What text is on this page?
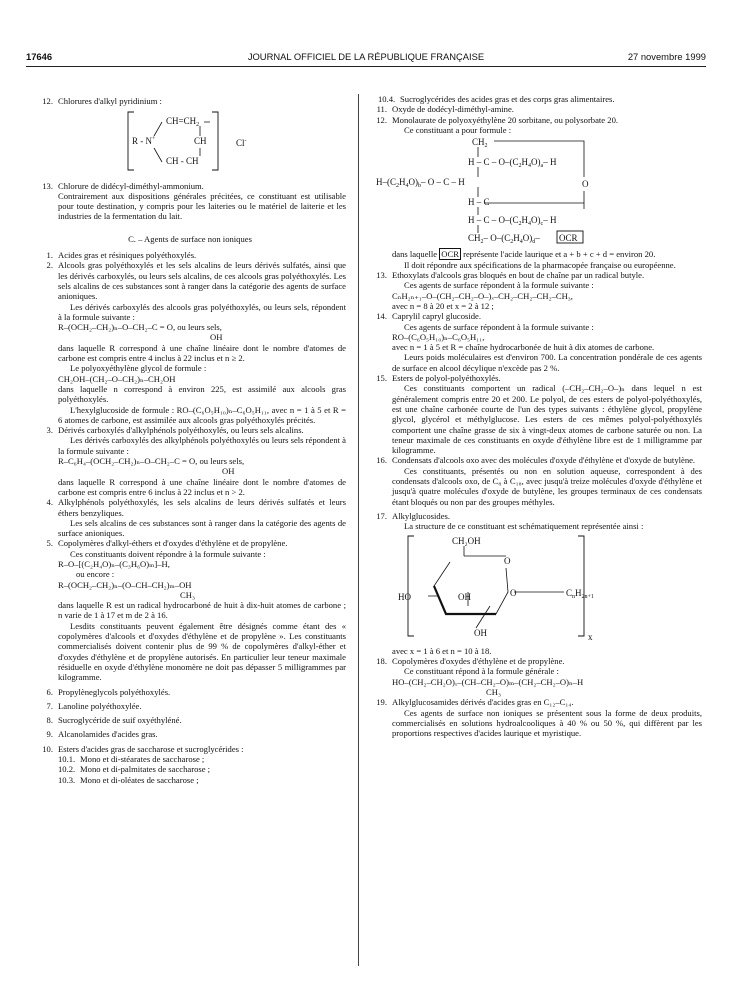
17646	JOURNAL OFFICIEL DE LA RÉPUBLIQUE FRANÇAISE	27 novembre 1999
12. Chlorures d'alkyl pyridinium :
$CH=CH_2$
R - N+	CH
CH - CH
Cl-
13. Chlorure de didécyl-diméthyl-ammonium.

Contrairement aux dispositions générales précitées, ce constituant est utilisable pour toute destination, y compris pour les laiteries ou le matériel de laiterie et les industries de la fermentation du lait.

C. – Agents de surface non ioniques

1. Acides gras et résiniques polyéthoxylés.
2. Alcools gras polyéthoxylés et les sels alcalins de leurs dérivés sulfatés, ainsi que les dérivés carboxylés, ou leurs sels alcalins, de ces alcools gras polyéthoxylés. Les sels alcalins de ces substances sont à ranger dans la catégorie des agents de surface anioniques.

Les dérivés carboxylés des alcools gras polyéthoxylés, ou leurs sels, répondent à la formule suivante :

R–(OCH₂–CH₂)ₙ–O–CH₂–C = O, ou leurs sels,

OH

dans laquelle R correspond à une chaîne linéaire dont le nombre d'atomes de carbone est compris entre 4 inclus à 22 inclus et n ≥ 2.

Le polyoxyéthylène glycol de formule :

CH₂OH–(CH₂–O–CH₂)ₙ–CH₂OH

dans laquelle n correspond à environ 225, est assimilé aux alcools gras polyéthoxylés.

L'hexylglucoside de formule : RO–(C₆O₅H₁₀)ₙ–C₆O₅H₁₁, avec n = 1 à 5 et R = 6 atomes de carbone, est assimilée aux alcools gras polyéthoxylés précités.

3. Dérivés carboxylés d'alkylphénols polyéthoxylés, ou leurs sels alcalins.

Les dérivés carboxylés des alkylphénols polyéthoxylés ou leurs sels répondent à la formule suivante :

R–C₆H₄–(OCH₂–CH₂)ₙ–O–CH₂–C = O, ou leurs sels,

OH

dans laquelle R correspond à une chaîne linéaire dont le nombre d'atomes de carbone est compris entre 6 inclus à 22 inclus et n > 2.

4. Alkylphénols polyéthoxylés, les sels alcalins de leurs dérivés sulfatés et leurs éthers benzyliques.

Les sels alcalins de ces substances sont à ranger dans la catégorie des agents de surface anioniques.

5. Copolymères d'alkyl-éthers et d'oxydes d'éthylène et de propylène.

Ces constituants doivent répondre à la formule suivante :

R–O–[(C₂H₄O)ₙ–(C₃H₆O)ₘ]–H,

ou encore :

R–(OCH₂–CH₂)ₙ–(O–CH–CH₂)ₘ–OH

CH₃

dans laquelle R est un radical hydrocarboné de huit à dix-huit atomes de carbone ; n varie de 1 à 17 et m de 2 à 16.

Lesdits constituants peuvent également être désignés comme étant des « copolymères d'alcools et d'oxydes d'éthylène et de propylène ». Les constituants commercialisés doivent contenir plus de 99 % de copolymères d'alkyl-éther et d'oxydes d'éthylène et de propylène autorisés. En particulier leur teneur maximale résiduelle en oxyde d'éthylène monomère ne doit pas dépasser 5 milligrammes par kilogramme.

6. Propylèneglycols polyéthoxylés.
7. Lanoline polyéthoxylée.
8. Sucroglycéride de suif oxyéthyléné.
9. Alcanolamides d'acides gras.
10. Esters d'acides gras de saccharose et sucroglycérides :
10.1. Mono et di-stéarates de saccharose ;
10.2. Mono et di-palmitates de saccharose ;
10.3. Mono et di-oléates de saccharose ;
10.4. Sucroglycérides des acides gras et des corps gras alimentaires.
11. Oxyde de dodécyl-diméthyl-amine.
12. Monolaurate de polyoxyéthylène 20 sorbitane, ou polysorbate 20.

Ce constituant a pour formule :

$CH_2$
H – C – $O-(C_2H_4O)_a-$ H
$H-(C_2H_4O)_b-$ O – C – H	O
H – C
H – C – $O-(C_2H_4O)_c-$ H
$CH_2-$ $O-(C_2H_4O)_d-$ OCR

dans laquelle OCR représente l'acide laurique et a + b + c + d = environ 20.

Il doit répondre aux spécifications de la pharmacopée française ou européenne.

13. Ethoxylats d'alcools gras bloqués en bout de chaîne par un radical butyle.

Ces agents de surface répondent à la formule suivante :

CₙH₂ₙ₊₁–O–(CH₂–CH₂–O–)ₓ–CH₂–CH₂–CH₂–CH₃,

avec n = 8 à 20 et x = 2 à 12 ;

14. Caprylil capryl glucoside.

Ces agents de surface répondent à la formule suivante :

RO–(C₆O₅H₁₀)ₙ–C₆O₅H₁₁,

avec n = 1 à 5 et R = chaîne hydrocarbonée de huit à dix atomes de carbone.

Leurs poids moléculaires est d'environ 700. La concentration pondérale de ces agents de surface en alcool décylique n'excède pas 2 %.

15. Esters de polyol-polyéthoxylés.

Ces constituants comportent un radical (–CH₂–CH₂–O–)ₙ dans lequel n est généralement compris entre 20 et 200. Le polyol, de ces esters de polyol-polyéthoxylés, est une chaîne carbonée courte de l'un des types suivants : éthylène glycol, propylène glycol, glycérol et méthylglucose. Les esters de ces mêmes polyol-polyéthoxylés comportent une chaîne grasse de six à vingt-deux atomes de carbone saturée ou non. La teneur maximale de ces constituants en oxyde d'éthylène libre est de 1 milligramme par kilogramme.

16. Condensats d'alcools oxo avec des molécules d'oxyde d'éthylène et d'oxyde de butylène.

Ces constituants, présentés ou non en solution aqueuse, correspondent à des condensats d'alcools oxo, de C₈ à C₁₈, avec jusqu'à treize molécules d'oxyde d'éthylène et jusqu'à quatre molécules d'oxyde de butylène, les groupes terminaux de ces condensats étant bloqués ou non par des groupes méthyles.

17. Alkylglucosides.

La structure de ce constituant est schématiquement représentée ainsi :

CH₂OH
O
HO	OH	O	$C_nH_{2n+1}$
OH	x

avec x = 1 à 6 et n = 10 à 18.

18. Copolymères d'oxydes d'éthylène et de propylène.

Ce constituant répond à la formule générale :

HO–(CH₂–CH₂O)ₓ–(CH–CH₂–O)ₘ–(CH₂–CH₂–O)ₙ–H

CH₃

19. Alkylglucosamides dérivés d'acides gras en C₁₂–C₁₄.

Ces agents de surface non ioniques se présentent sous la forme de deux produits, commercialisés en solutions hydroalcooliques à 40 % ou 50 %, qui diffèrent par les proportions respectives d'acides laurique et myristique.
